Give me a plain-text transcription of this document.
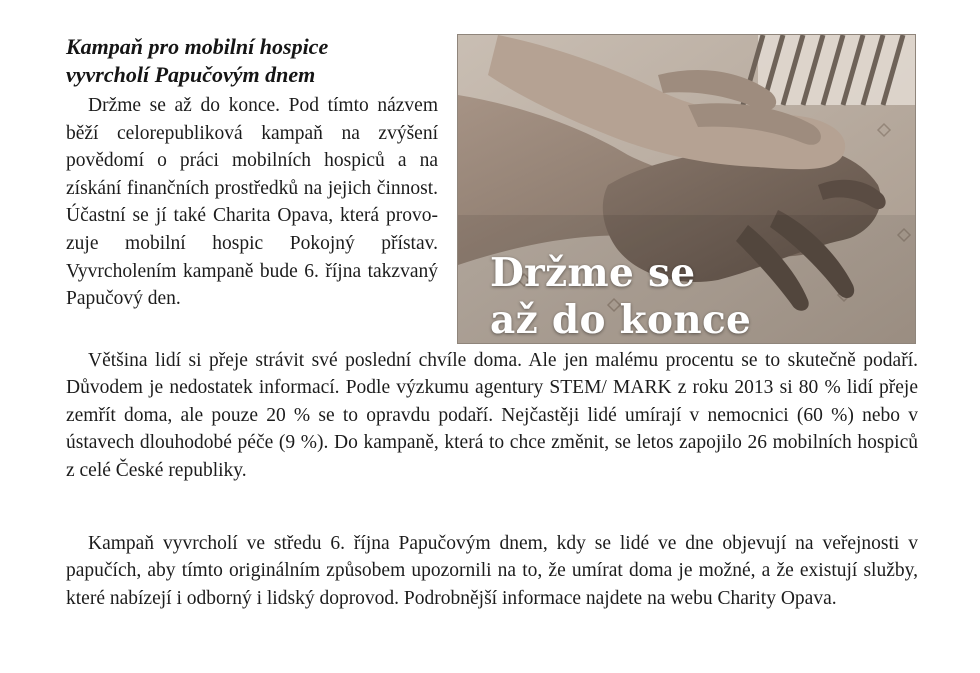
Kampaň pro mobilní hospice
vyvrcholí Papučovým dnem

Držme se až do konce. Pod tímto názvem běží celorepubliková kampaň na zvýšení povědomí o práci mobilních hospiců a na získání finančních prostředků na jejich činnost. Účastní se jí také Charita Opava, která provozuje mobilní hospic Pokojný přístav. Vyvrcholením kampaně bude 6. října takzvaný Papučový den.

Držme se
až do konce

Většina lidí si přeje strávit své poslední chvíle doma. Ale jen malému procentu se to skutečně podaří. Důvodem je nedostatek informací. Podle výzkumu agentury STEM/ MARK z roku 2013 si 80 % lidí přeje zemřít doma, ale pouze 20 % se to opravdu podaří. Nejčastěji lidé umírají v nemocnici (60 %) nebo v ústavech dlouhodobé péče (9 %). Do kampaně, která to chce změnit, se letos zapojilo 26 mobilních hospiců z celé České republiky.

Kampaň vyvrcholí ve středu 6. října Papučovým dnem, kdy se lidé ve dne objevují na veřejnosti v papučích, aby tímto originálním způsobem upozornili na to, že umírat doma je možné, a že existují služby, které nabízejí i odborný i lidský doprovod. Podrobnější informace najdete na webu Charity Opava.
